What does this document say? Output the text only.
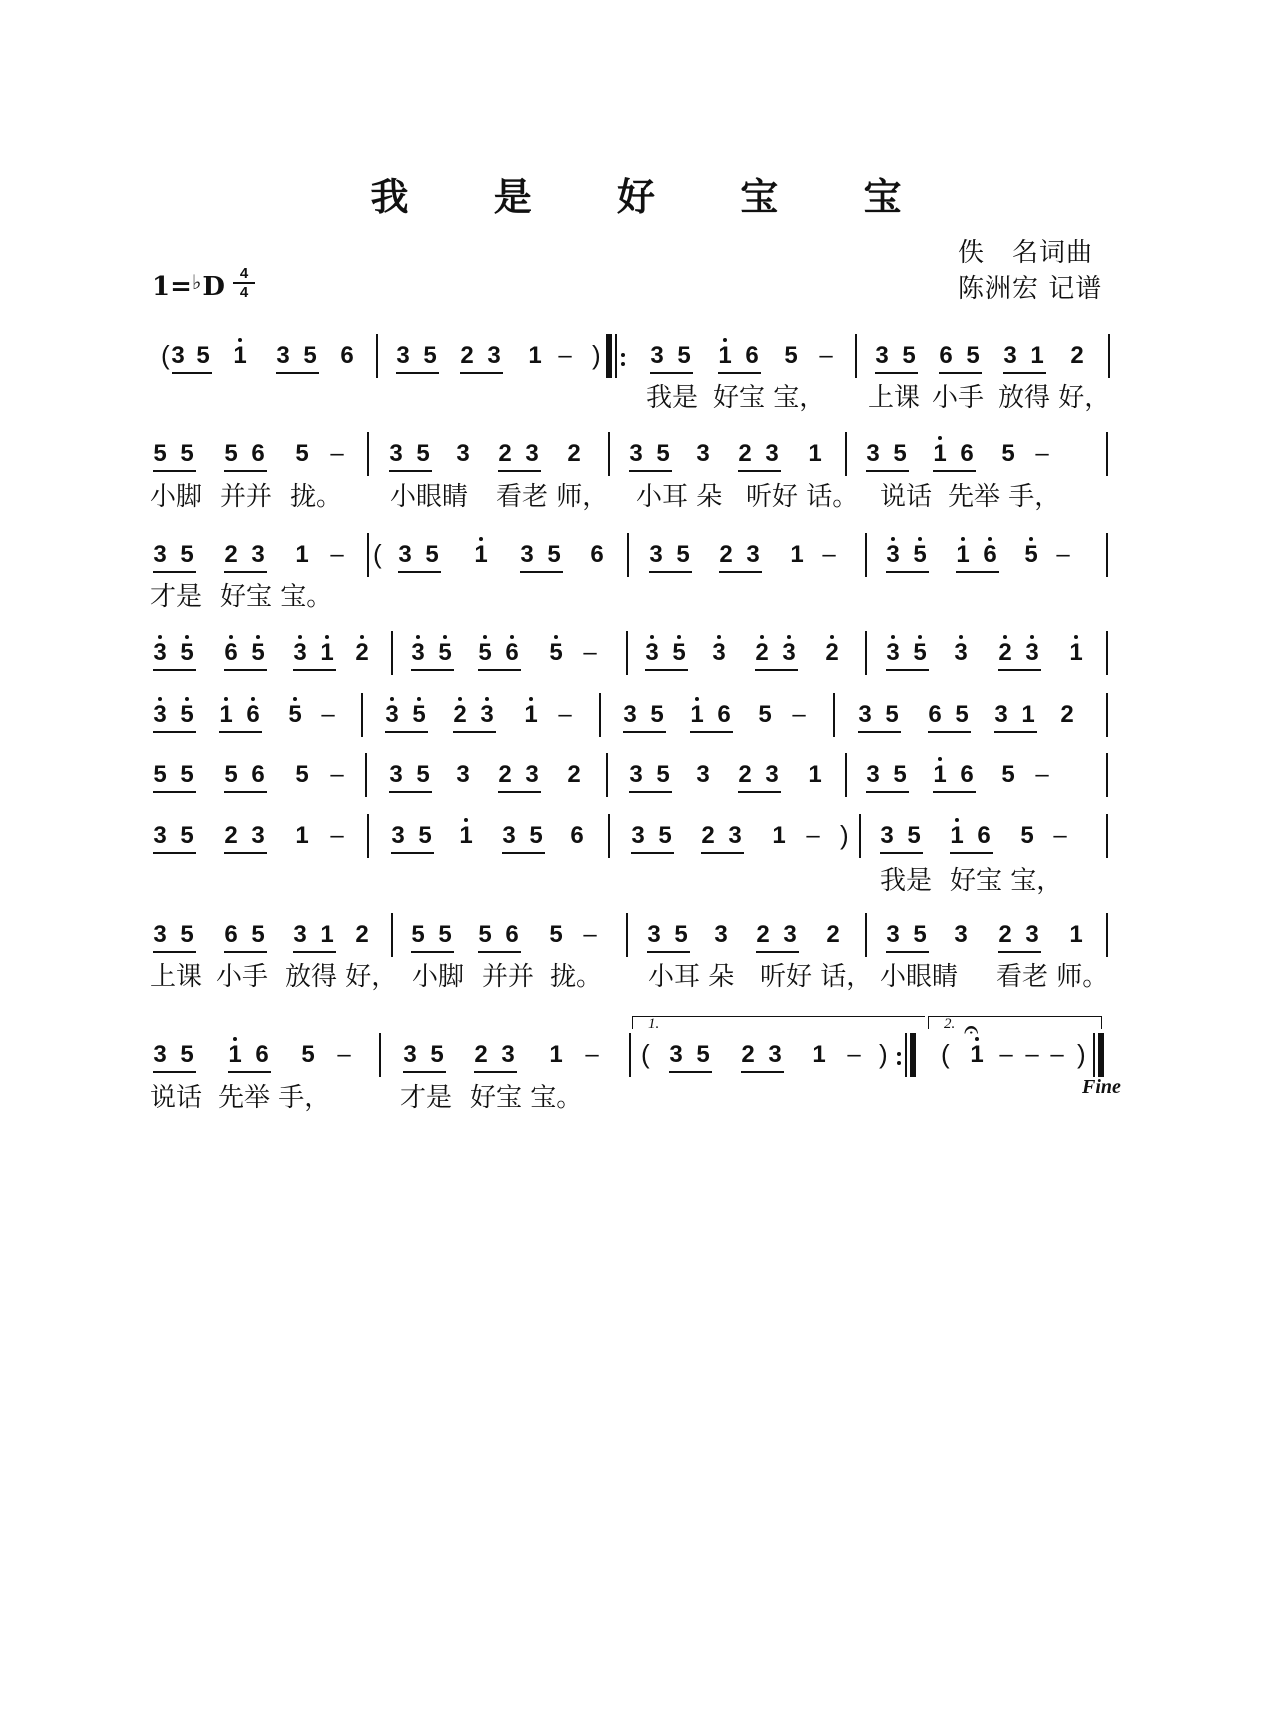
我 是 好 宝 宝
1=♭D 4
4
佚　名词曲
陈洲宏 记谱
( 3 5 1 3 5 6 3 5 2 3 1 – ) 3 5 1 6 5 – 3 5 6 5 3 1 2
我是 好宝 宝， 上课 小手 放得 好，
5 5 5 6 5 – 3 5 3 2 3 2 3 5 3 2 3 1 3 5 1 6 5 –
小脚 并并 拢。 小眼睛 看老 师， 小耳 朵 听好 话。 说话 先举 手，
3 5 2 3 1 – ( 3 5 1 3 5 6 3 5 2 3 1 – 3 5 1 6 5 –
才是 好宝 宝。
3 5 6 5 3 1 2 3 5 5 6 5 – 3 5 3 2 3 2 3 5 3 2 3 1
3 5 1 6 5 – 3 5 2 3 1 – 3 5 1 6 5 – 3 5 6 5 3 1 2
5 5 5 6 5 – 3 5 3 2 3 2 3 5 3 2 3 1 3 5 1 6 5 –
3 5 2 3 1 – 3 5 1 3 5 6 3 5 2 3 1 – ) 3 5 1 6 5 –
我是 好宝 宝，
3 5 6 5 3 1 2 5 5 5 6 5 – 3 5 3 2 3 2 3 5 3 2 3 1
上课 小手 放得 好， 小脚 并并 拢。 小耳 朵 听好 话， 小眼睛 看老 师。
3 5 1 6 5 – 3 5 2 3 1 – ( 3 5 2 3 1 – ) ( 1 – – – )
说话 先举 手，	才是 好宝 宝。
1.	2. 𝄐
Fine
